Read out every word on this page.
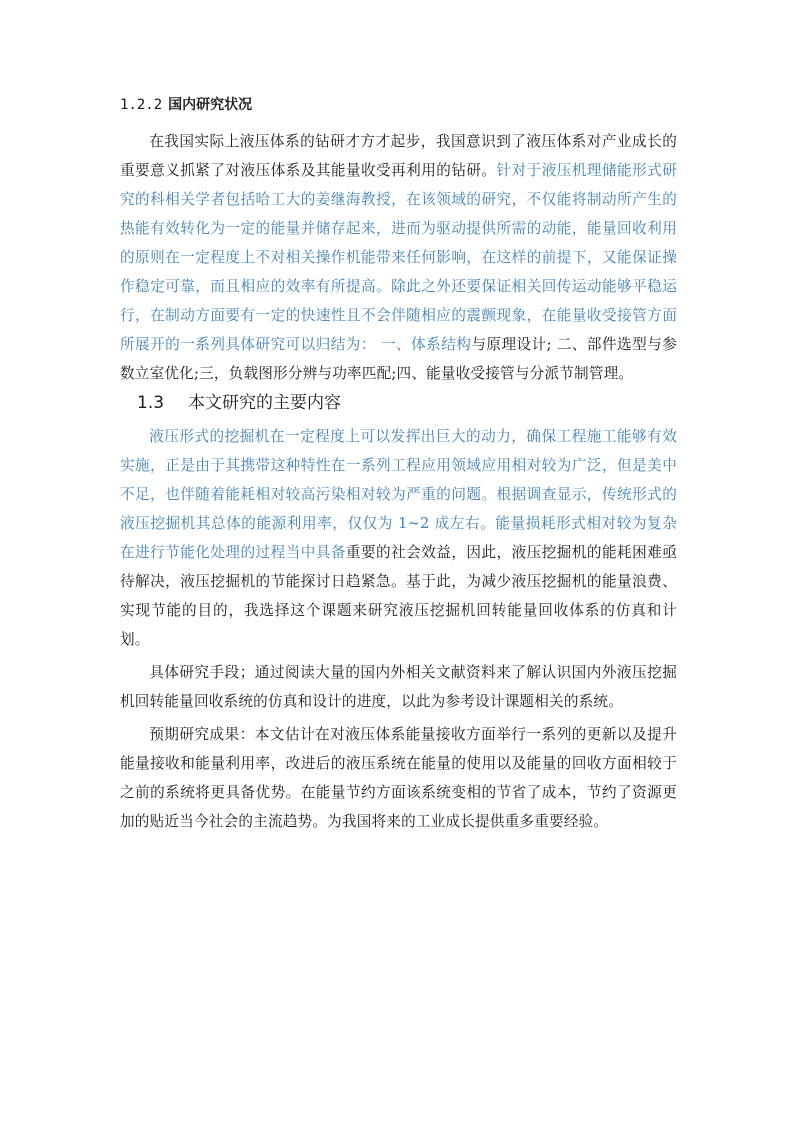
1.2.2 国内研究状况

在我国实际上液压体系的钻研才方才起步，我国意识到了液压体系对产业成长的重要意义抓紧了对液压体系及其能量收受再利用的钻研。针对于液压机理储能形式研究的科相关学者包括哈工大的姜继海教授，在该领域的研究，不仅能将制动所产生的热能有效转化为一定的能量并储存起来，进而为驱动提供所需的动能，能量回收利用的原则在一定程度上不对相关操作机能带来任何影响，在这样的前提下，又能保证操作稳定可靠，而且相应的效率有所提高。除此之外还要保证相关回传运动能够平稳运行，在制动方面要有一定的快速性且不会伴随相应的震颤现象，在能量收受接管方面所展开的一系列具体研究可以归结为： 一、体系结构与原理设计; 二、部件选型与参数立室优化;三，负载图形分辨与功率匹配;四、能量收受接管与分派节制管理。

1.3 本文研究的主要内容

液压形式的挖掘机在一定程度上可以发挥出巨大的动力，确保工程施工能够有效实施，正是由于其携带这种特性在一系列工程应用领域应用相对较为广泛，但是美中不足，也伴随着能耗相对较高污染相对较为严重的问题。根据调查显示，传统形式的液压挖掘机其总体的能源利用率，仅仅为 1~2 成左右。能量损耗形式相对较为复杂在进行节能化处理的过程当中具备重要的社会效益，因此，液压挖掘机的能耗困难亟待解决，液压挖掘机的节能探讨日趋紧急。基于此，为减少液压挖掘机的能量浪费、实现节能的目的，我选择这个课题来研究液压挖掘机回转能量回收体系的仿真和计划。

具体研究手段；通过阅读大量的国内外相关文献资料来了解认识国内外液压挖掘机回转能量回收系统的仿真和设计的进度，以此为参考设计课题相关的系统。

预期研究成果：本文估计在对液压体系能量接收方面举行一系列的更新以及提升能量接收和能量利用率，改进后的液压系统在能量的使用以及能量的回收方面相较于之前的系统将更具备优势。在能量节约方面该系统变相的节省了成本，节约了资源更加的贴近当今社会的主流趋势。为我国将来的工业成长提供重多重要经验。
